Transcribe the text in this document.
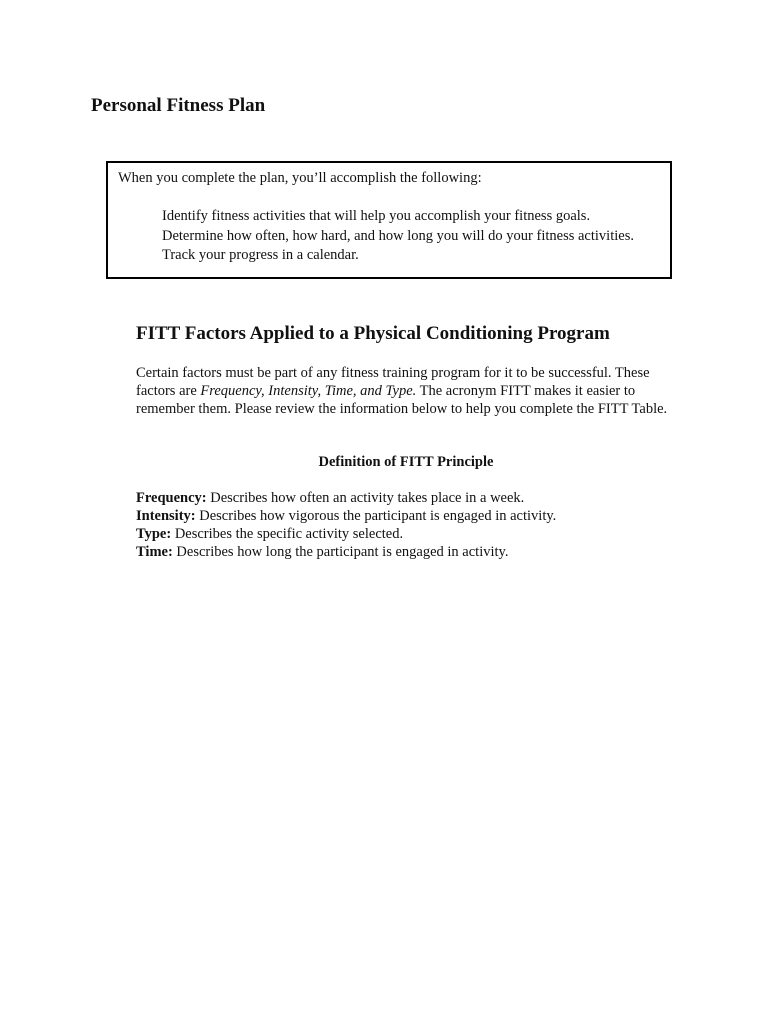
Personal Fitness Plan

When you complete the plan, you’ll accomplish the following:

Identify fitness activities that will help you accomplish your fitness goals.
Determine how often, how hard, and how long you will do your fitness activities.
Track your progress in a calendar.
FITT Factors Applied to a Physical Conditioning Program

Certain factors must be part of any fitness training program for it to be successful. These factors are Frequency, Intensity, Time, and Type. The acronym FITT makes it easier to remember them. Please review the information below to help you complete the FITT Table.

Definition of FITT Principle

Frequency: Describes how often an activity takes place in a week.
Intensity: Describes how vigorous the participant is engaged in activity.
Type: Describes the specific activity selected.
Time: Describes how long the participant is engaged in activity.
